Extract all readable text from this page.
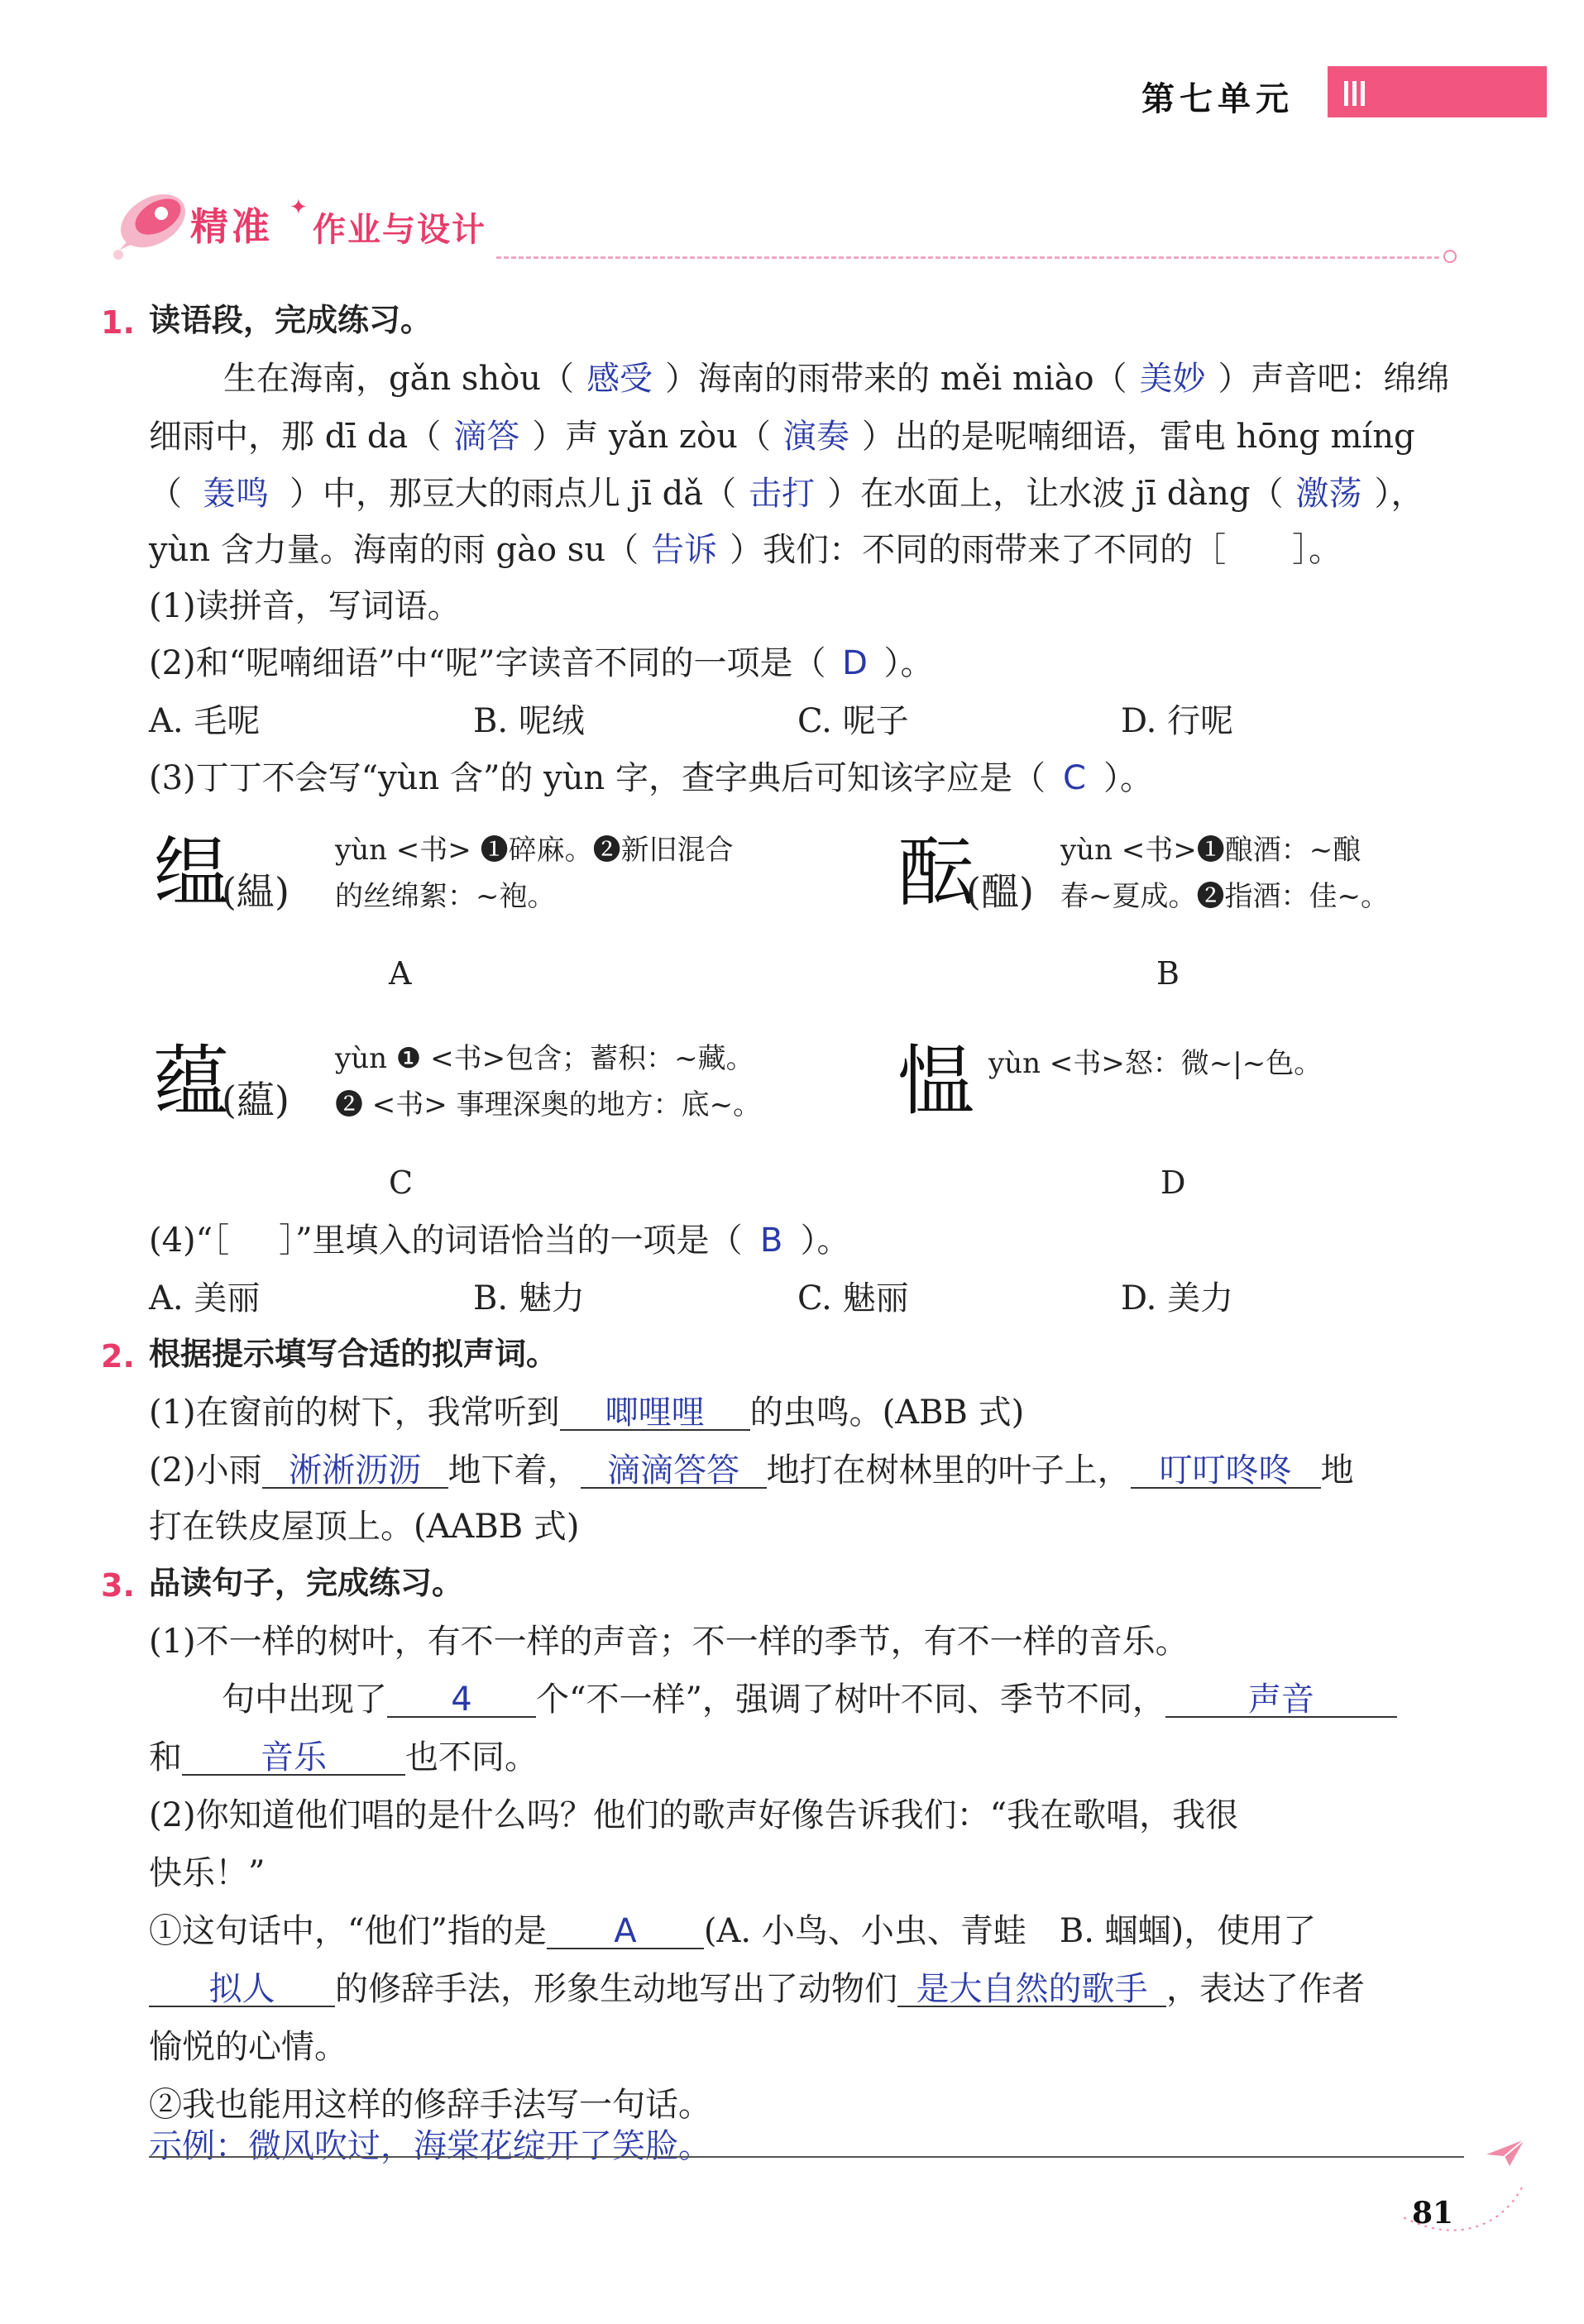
第七单元
精准 ✦
作业与设计
1. 读语段，完成练习。
生在海南，gǎn shòu（ 感受 ）海南的雨带来的 měi miào（ 美妙 ）声音吧：绵绵
细雨中，那 dī da（ 滴答 ）声 yǎn zòu（ 演奏 ）出的是呢喃细语，雷电 hōng míng
（ 轰鸣 ）中，那豆大的雨点儿 jī dǎ（ 击打 ）在水面上，让水波 jī dàng（ 激荡 ），
yùn 含力量。海南的雨 gào su（ 告诉 ）我们：不同的雨带来了不同的［ ］。
(1)读拼音，写词语。
(2)和“呢喃细语”中“呢”字读音不同的一项是（ D ）。
A. 毛呢	B. 呢绒	C. 呢子	D. 行呢
(3)丁丁不会写“yùn 含”的 yùn 字，查字典后可知该字应是（ C ）。
缊
(緼)
yùn <书> ❶碎麻。❷新旧混合
的丝绵絮：~袍。
A
酝
(醞)
yùn <书>❶酿酒：~酿
春~夏成。❷指酒：佳~。
B
蕴
(藴)
yùn ❶ <书>包含；蓄积：~藏。
❷ <书> 事理深奥的地方：底~。
C
愠 yùn <书>怒：微~|~色。
D
(4)“［ ］”里填入的词语恰当的一项是（ B ）。
A. 美丽	B. 魅力	C. 魅丽	D. 美力
2. 根据提示填写合适的拟声词。
(1)在窗前的树下，我常听到 唧哩哩 的虫鸣。(ABB 式)
(2)小雨 淅淅沥沥 地下着， 滴滴答答 地打在树林里的叶子上， 叮叮咚咚 地
打在铁皮屋顶上。(AABB 式)
3. 品读句子，完成练习。
(1)不一样的树叶，有不一样的声音；不一样的季节，有不一样的音乐。
句中出现了 4 个“不一样”，强调了树叶不同、季节不同，	声音
和 音乐 也不同。
(2)你知道他们唱的是什么吗？他们的歌声好像告诉我们：“我在歌唱，我很
快乐！”
①这句话中，“他们”指的是 A (A. 小鸟、小虫、青蛙　B. 蝈蝈)，使用了
拟人 的修辞手法，形象生动地写出了动物们 是大自然的歌手 ，表达了作者
愉悦的心情。
②我也能用这样的修辞手法写一句话。
示例：微风吹过，海棠花绽开了笑脸。
81
